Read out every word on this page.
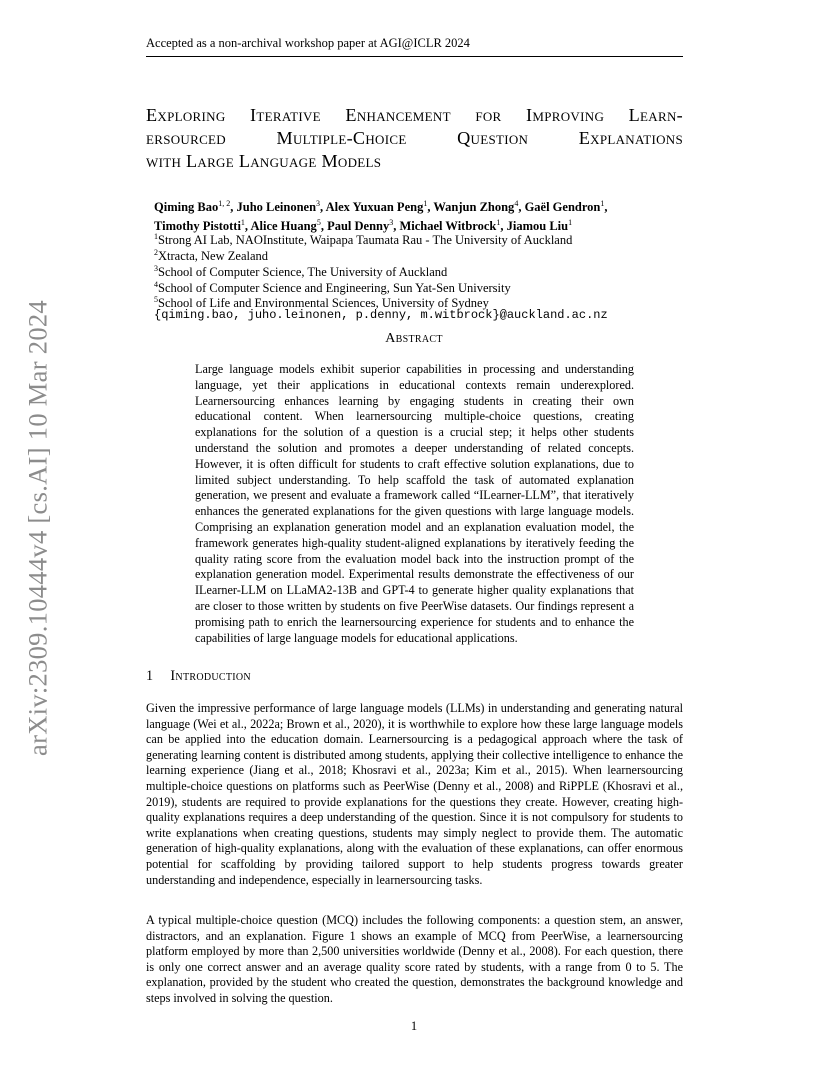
Accepted as a non-archival workshop paper at AGI@ICLR 2024
arXiv:2309.10444v4 [cs.AI] 10 Mar 2024
Exploring Iterative Enhancement for Improving Learn-
ersourced Multiple-Choice Question Explanations
with Large Language Models
Qiming Bao$^{1, 2}$, Juho Leinonen$^3$, Alex Yuxuan Peng$^1$, Wanjun Zhong$^4$, Gaël Gendron$^1$,
Timothy Pistotti$^1$, Alice Huang$^5$, Paul Denny$^3$, Michael Witbrock$^1$, Jiamou Liu$^1$
$^1$Strong AI Lab, NAOInstitute, Waipapa Taumata Rau - The University of Auckland
$^2$Xtracta, New Zealand
$^3$School of Computer Science, The University of Auckland
$^4$School of Computer Science and Engineering, Sun Yat-Sen University
$^5$School of Life and Environmental Sciences, University of Sydney
{qiming.bao, juho.leinonen, p.denny, m.witbrock}@auckland.ac.nz
Abstract
Large language models exhibit superior capabilities in processing and understanding language, yet their applications in educational contexts remain underexplored. Learnersourcing enhances learning by engaging students in creating their own educational content. When learnersourcing multiple-choice questions, creating explanations for the solution of a question is a crucial step; it helps other students understand the solution and promotes a deeper understanding of related concepts. However, it is often difficult for students to craft effective solution explanations, due to limited subject understanding. To help scaffold the task of automated explanation generation, we present and evaluate a framework called “ILearner-LLM”, that iteratively enhances the generated explanations for the given questions with large language models. Comprising an explanation generation model and an explanation evaluation model, the framework generates high-quality student-aligned explanations by iteratively feeding the quality rating score from the evaluation model back into the instruction prompt of the explanation generation model. Experimental results demonstrate the effectiveness of our ILearner-LLM on LLaMA2-13B and GPT-4 to generate higher quality explanations that are closer to those written by students on five PeerWise datasets. Our findings represent a promising path to enrich the learnersourcing experience for students and to enhance the capabilities of large language models for educational applications.
1 Introduction
Given the impressive performance of large language models (LLMs) in understanding and generating natural language (Wei et al., 2022a; Brown et al., 2020), it is worthwhile to explore how these large language models can be applied into the education domain. Learnersourcing is a pedagogical approach where the task of generating learning content is distributed among students, applying their collective intelligence to enhance the learning experience (Jiang et al., 2018; Khosravi et al., 2023a; Kim et al., 2015). When learnersourcing multiple-choice questions on platforms such as PeerWise (Denny et al., 2008) and RiPPLE (Khosravi et al., 2019), students are required to provide explanations for the questions they create. However, creating high-quality explanations requires a deep understanding of the question. Since it is not compulsory for students to write explanations when creating questions, students may simply neglect to provide them. The automatic generation of high-quality explanations, along with the evaluation of these explanations, can offer enormous potential for scaffolding by providing tailored support to help students progress towards greater understanding and independence, especially in learnersourcing tasks.
A typical multiple-choice question (MCQ) includes the following components: a question stem, an answer, distractors, and an explanation. Figure 1 shows an example of MCQ from PeerWise, a learnersourcing platform employed by more than 2,500 universities worldwide (Denny et al., 2008). For each question, there is only one correct answer and an average quality score rated by students, with a range from 0 to 5. The explanation, provided by the student who created the question, demonstrates the background knowledge and steps involved in solving the question.
1
